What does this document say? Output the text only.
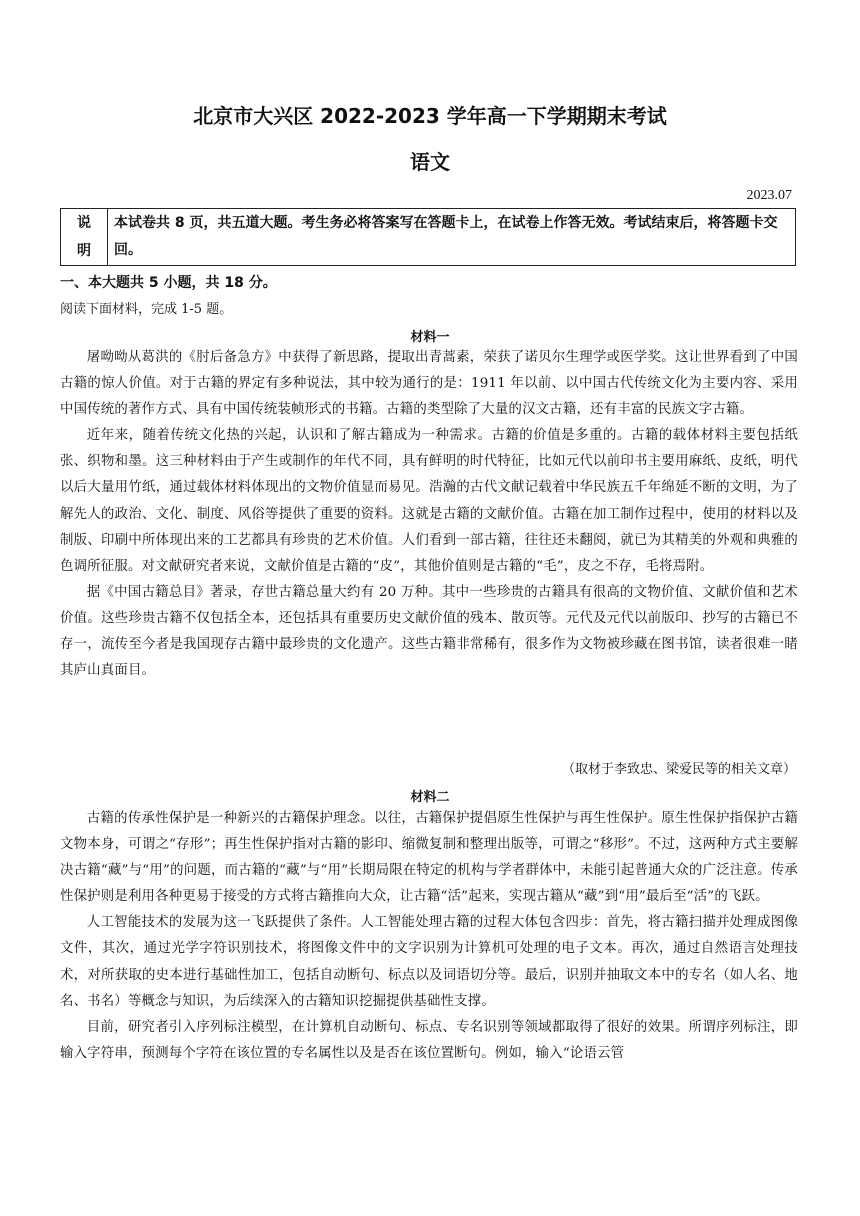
北京市大兴区 2022-2023 学年高一下学期期末考试
语文
2023.07
说
明
本试卷共 8 页，共五道大题。考生务必将答案写在答题卡上，在试卷上作答无效。考试结束后，将答题卡交回。
一、本大题共 5 小题，共 18 分。
阅读下面材料，完成 1-5 题。
材料一

屠呦呦从葛洪的《肘后备急方》中获得了新思路，提取出青蒿素，荣获了诺贝尔生理学或医学奖。这让世界看到了中国古籍的惊人价值。对于古籍的界定有多种说法，其中较为通行的是：1911 年以前、以中国古代传统文化为主要内容、采用中国传统的著作方式、具有中国传统装帧形式的书籍。古籍的类型除了大量的汉文古籍，还有丰富的民族文字古籍。

近年来，随着传统文化热的兴起，认识和了解古籍成为一种需求。古籍的价值是多重的。古籍的载体材料主要包括纸张、织物和墨。这三种材料由于产生或制作的年代不同，具有鲜明的时代特征，比如元代以前印书主要用麻纸、皮纸，明代以后大量用竹纸，通过载体材料体现出的文物价值显而易见。浩瀚的古代文献记载着中华民族五千年绵延不断的文明，为了解先人的政治、文化、制度、风俗等提供了重要的资料。这就是古籍的文献价值。古籍在加工制作过程中，使用的材料以及制版、印刷中所体现出来的工艺都具有珍贵的艺术价值。人们看到一部古籍，往往还未翻阅，就已为其精美的外观和典雅的色调所征服。对文献研究者来说，文献价值是古籍的“皮”，其他价值则是古籍的“毛”，皮之不存，毛将焉附。

据《中国古籍总目》著录，存世古籍总量大约有 20 万种。其中一些珍贵的古籍具有很高的文物价值、文献价值和艺术价值。这些珍贵古籍不仅包括全本，还包括具有重要历史文献价值的残本、散页等。元代及元代以前版印、抄写的古籍已不存一，流传至今者是我国现存古籍中最珍贵的文化遗产。这些古籍非常稀有，很多作为文物被珍藏在图书馆，读者很难一睹其庐山真面目。

（取材于李致忠、梁爱民等的相关文章）
材料二

古籍的传承性保护是一种新兴的古籍保护理念。以往，古籍保护提倡原生性保护与再生性保护。原生性保护指保护古籍文物本身，可谓之“存形”；再生性保护指对古籍的影印、缩微复制和整理出版等，可谓之“移形”。不过，这两种方式主要解决古籍“藏”与“用”的问题，而古籍的“藏”与“用”长期局限在特定的机构与学者群体中，未能引起普通大众的广泛注意。传承性保护则是利用各种更易于接受的方式将古籍推向大众，让古籍“活”起来，实现古籍从“藏”到“用”最后至“活”的飞跃。

人工智能技术的发展为这一飞跃提供了条件。人工智能处理古籍的过程大体包含四步：首先，将古籍扫描并处理成图像文件，其次，通过光学字符识别技术，将图像文件中的文字识别为计算机可处理的电子文本。再次，通过自然语言处理技术，对所获取的史本进行基础性加工，包括自动断句、标点以及词语切分等。最后，识别并抽取文本中的专名（如人名、地名、书名）等概念与知识，为后续深入的古籍知识挖掘提供基础性支撑。

目前，研究者引入序列标注模型，在计算机自动断句、标点、专名识别等领域都取得了很好的效果。所谓序列标注，即输入字符串，预测每个字符在该位置的专名属性以及是否在该位置断句。例如，输入“论语云管
